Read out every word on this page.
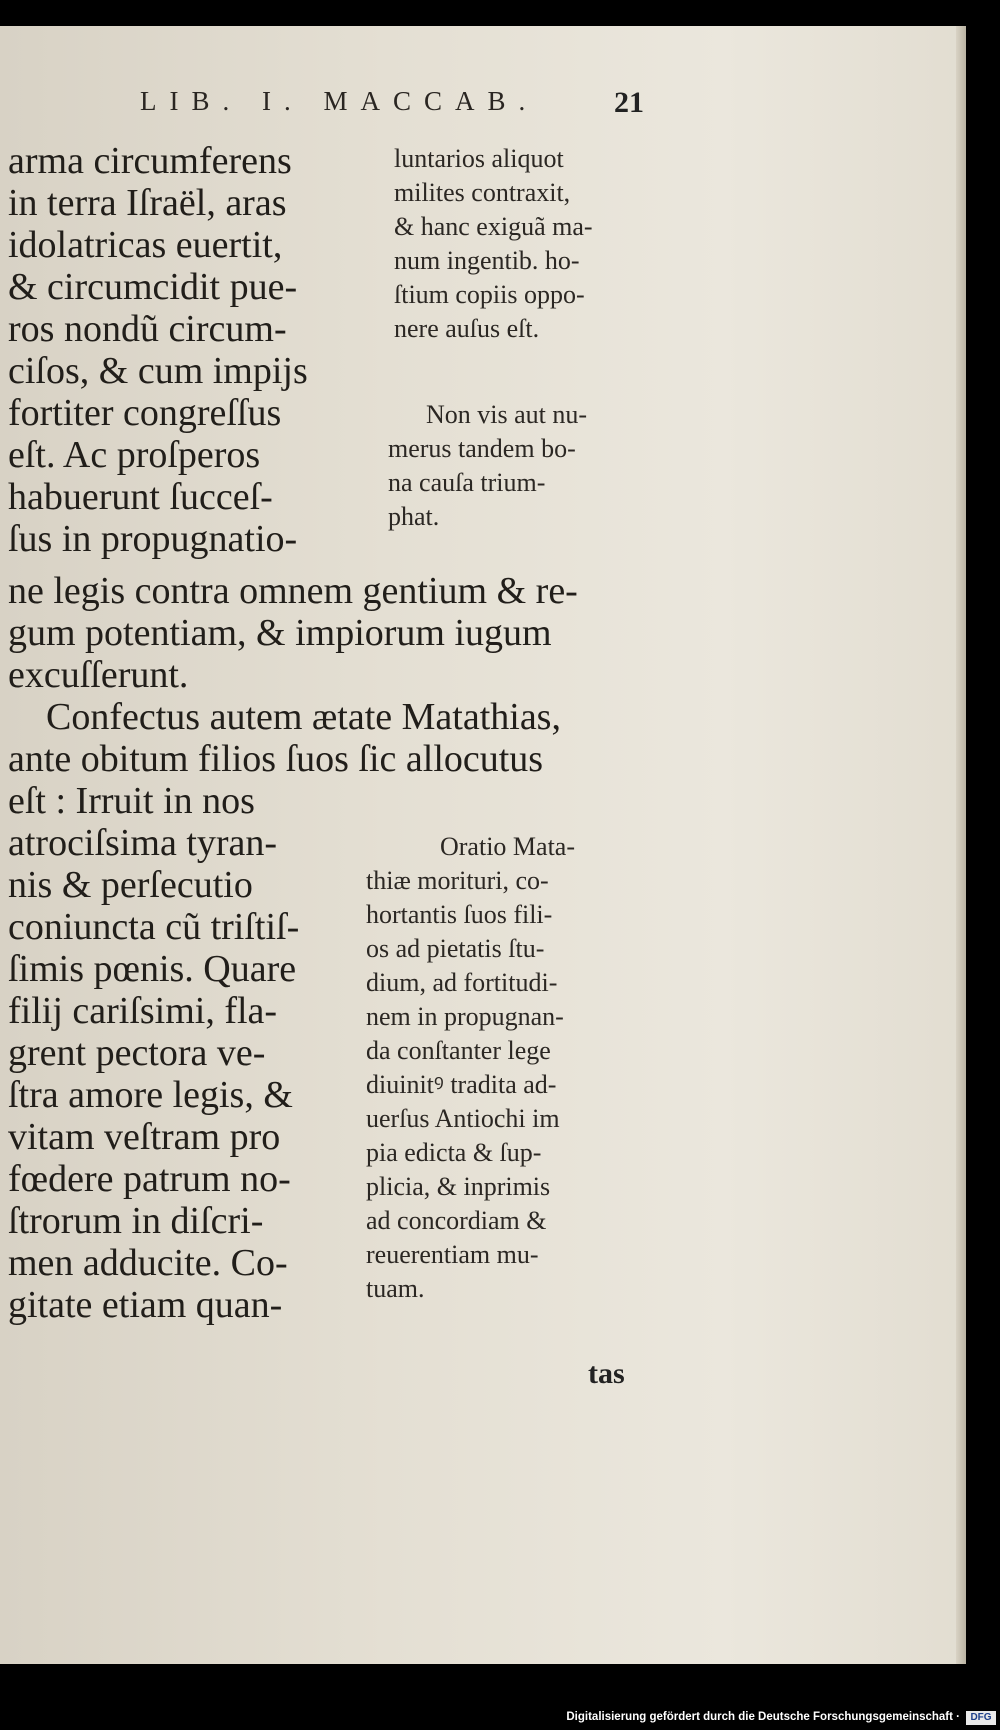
LIB. I. MACCAB.	21
arma circumferens
in terra Iſraël, aras
idolatricas euertit,
& circumcidit pue-
ros nondũ circum-
ciſos, & cum impijs
fortiter congreſſus
eſt. Ac proſperos
habuerunt ſucceſ-
ſus in propugnatio-
luntarios aliquot
milites contraxit,
& hanc exiguã ma-
num ingentib. ho-
ſtium copiis oppo-
nere auſus eſt.
Non vis aut nu-
merus tandem bo-
na cauſa trium-
phat.
ne legis contra omnem gentium & re-
gum potentiam, & impiorum iugum
excuſſerunt.
Confectus autem ætate Matathias,
ante obitum filios ſuos ſic allocutus
eſt : Irruit in nos
atrociſsima tyran-
nis & perſecutio
coniuncta cũ triſtiſ-
ſimis pœnis. Quare
filij cariſsimi, fla-
grent pectora ve-
ſtra amore legis, &
vitam veſtram pro
fœdere patrum no-
ſtrorum in diſcri-
men adducite. Co-
gitate etiam quan-
Oratio Mata-
thiæ morituri, co-
hortantis ſuos fili-
os ad pietatis ſtu-
dium, ad fortitudi-
nem in propugnan-
da conſtanter lege
diuinitꝰ tradita ad-
uerſus Antiochi im
pia edicta & ſup-
plicia, & inprimis
ad concordiam &
reuerentiam mu-
tuam.
tas
Digitalisierung gefördert durch die Deutsche Forschungsgemeinschaft ·	DFG
